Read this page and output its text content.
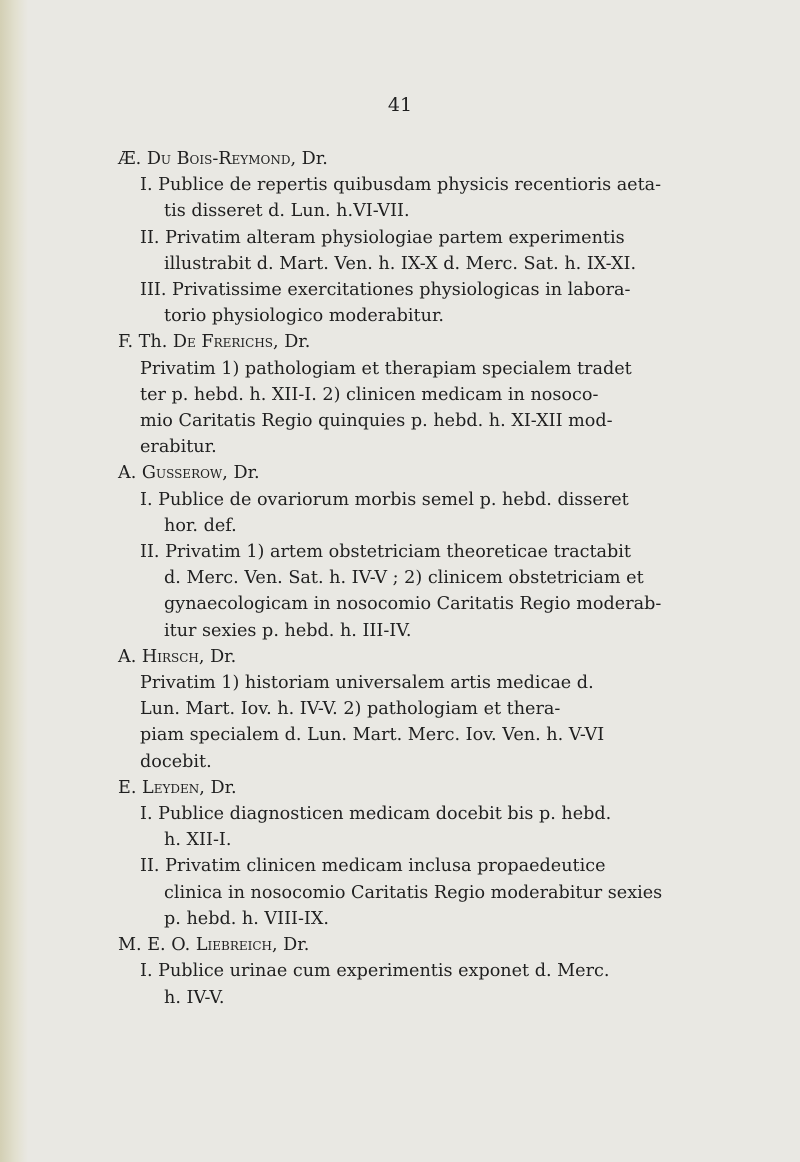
41

Æ. Du Bois-Reymond, Dr.

I. Publice de repertis quibusdam physicis recentioris aeta-

tis disseret d. Lun. h.VI-VII.

II. Privatim alteram physiologiae partem experimentis

illustrabit d. Mart. Ven. h. IX-X d. Merc. Sat. h. IX-XI.

III. Privatissime exercitationes physiologicas in labora-

torio physiologico moderabitur.

F. Th. De Frerichs, Dr.

Privatim 1) pathologiam et therapiam specialem tradet

ter p. hebd. h. XII-I. 2) clinicen medicam in nosoco-

mio Caritatis Regio quinquies p. hebd. h. XI-XII mod-

erabitur.

A. Gusserow, Dr.

I. Publice de ovariorum morbis semel p. hebd. disseret

hor. def.

II. Privatim 1) artem obstetriciam theoreticae tractabit

d. Merc. Ven. Sat. h. IV-V ; 2) clinicem obstetriciam et

gynaecologicam in nosocomio Caritatis Regio moderab-

itur sexies p. hebd. h. III-IV.

A. Hirsch, Dr.

Privatim 1) historiam universalem artis medicae d.

Lun. Mart. Iov. h. IV-V. 2) pathologiam et thera-

piam specialem d. Lun. Mart. Merc. Iov. Ven. h. V-VI

docebit.

E. Leyden, Dr.

I. Publice diagnosticen medicam docebit bis p. hebd.

h. XII-I.

II. Privatim clinicen medicam inclusa propaedeutice

clinica in nosocomio Caritatis Regio moderabitur sexies

p. hebd. h. VIII-IX.

M. E. O. Liebreich, Dr.

I. Publice urinae cum experimentis exponet d. Merc.

h. IV-V.
